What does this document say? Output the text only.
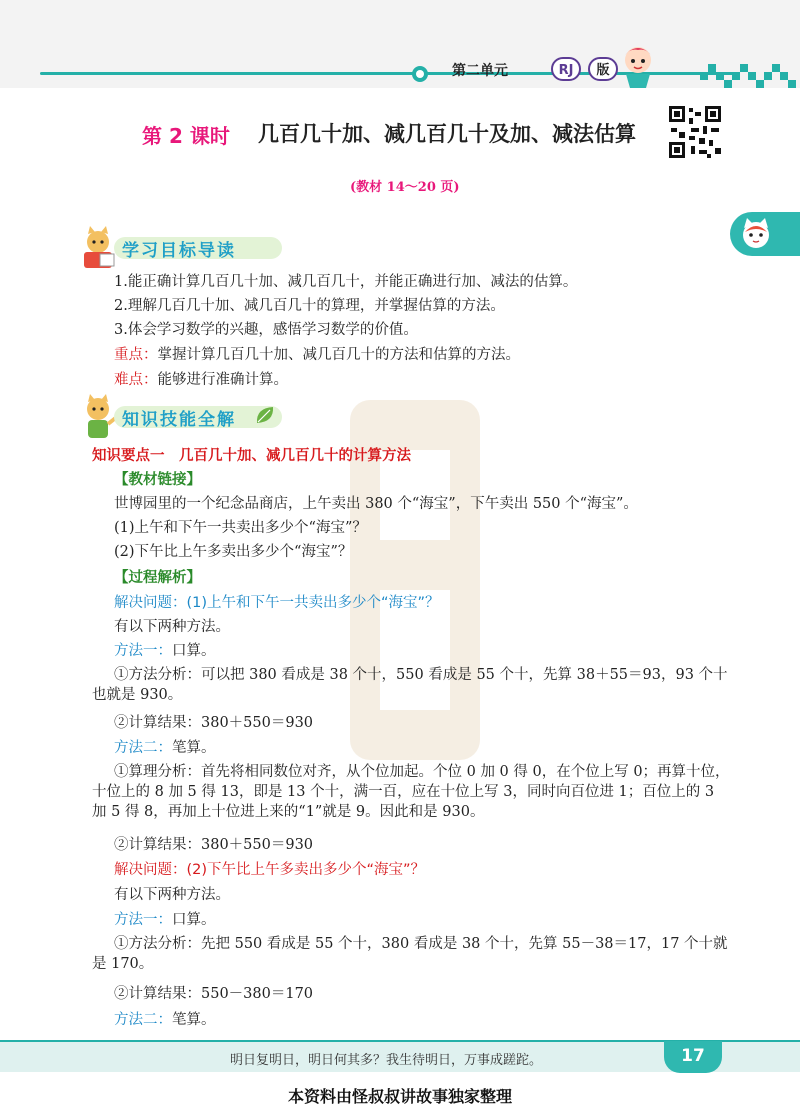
第二单元	RJ	版
第 2 课时 几百几十加、减几百几十及加、减法估算
(教材 14～20 页)
学习目标导读
1.能正确计算几百几十加、减几百几十，并能正确进行加、减法的估算。
2.理解几百几十加、减几百几十的算理，并掌握估算的方法。
3.体会学习数学的兴趣，感悟学习数学的价值。
重点：掌握计算几百几十加、减几百几十的方法和估算的方法。
难点：能够进行准确计算。
知识技能全解
知识要点一　几百几十加、减几百几十的计算方法
【教材链接】
世博园里的一个纪念品商店，上午卖出 380 个“海宝”，下午卖出 550 个“海宝”。
(1)上午和下午一共卖出多少个“海宝”？
(2)下午比上午多卖出多少个“海宝”？
【过程解析】
解决问题：(1)上午和下午一共卖出多少个“海宝”？
有以下两种方法。
方法一：口算。
①方法分析：可以把 380 看成是 38 个十，550 看成是 55 个十，先算 38＋55＝93，93 个十也就是 930。
②计算结果：380＋550＝930
方法二：笔算。
①算理分析：首先将相同数位对齐，从个位加起。个位 0 加 0 得 0，在个位上写 0；再算十位，十位上的 8 加 5 得 13，即是 13 个十，满一百，应在十位上写 3，同时向百位进 1；百位上的 3 加 5 得 8，再加上十位进上来的“1”就是 9。因此和是 930。
②计算结果：380＋550＝930
解决问题：(2)下午比上午多卖出多少个“海宝”？
有以下两种方法。
方法一：口算。
①方法分析：先把 550 看成是 55 个十，380 看成是 38 个十，先算 55－38＝17，17 个十就是 170。
②计算结果：550－380＝170
方法二：笔算。
明日复明日，明日何其多？我生待明日，万事成蹉跎。	17
本资料由怪叔叔讲故事独家整理
